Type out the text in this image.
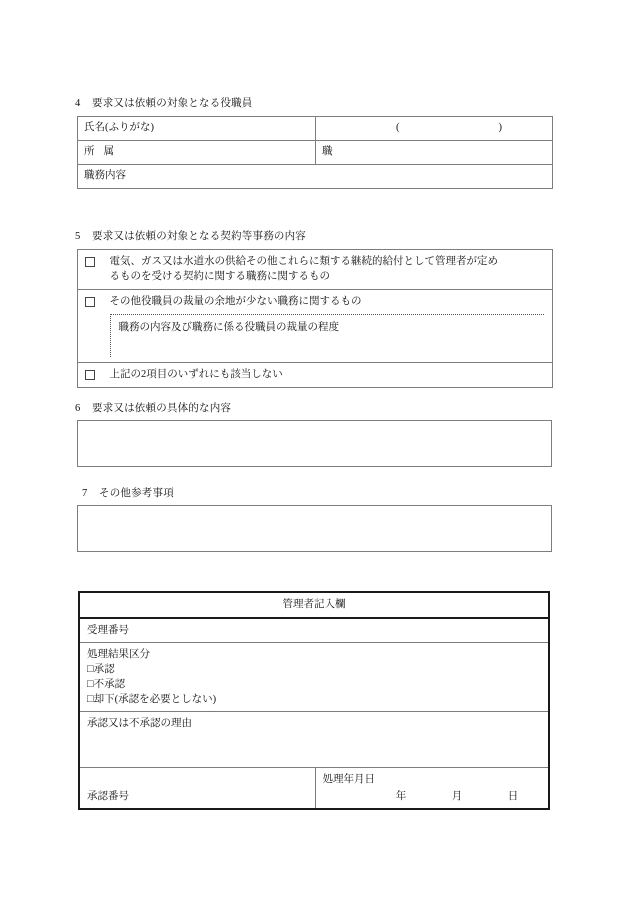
4 要求又は依頼の対象となる役職員
氏名(ふりがな)	( )

所 属	職
職務内容	
5 要求又は依頼の対象となる契約等事務の内容

	電気、ガス又は水道水の供給その他これらに類する継続的給付として管理者が定め

るものを受ける契約に関する職務に関するもの

	その他役職員の裁量の余地が少ない職務に関するもの

職務の内容及び職務に係る役職員の裁量の程度

	上記の2項目のいずれにも該当しない

6 要求又は依頼の具体的な内容
7 その他参考事項
管理者記入欄
受理番号

処理結果区分
□承認
□不承認
□却下(承認を必要としない)

承認又は不承認の理由
承認番号	処理年月日
年	月	日
